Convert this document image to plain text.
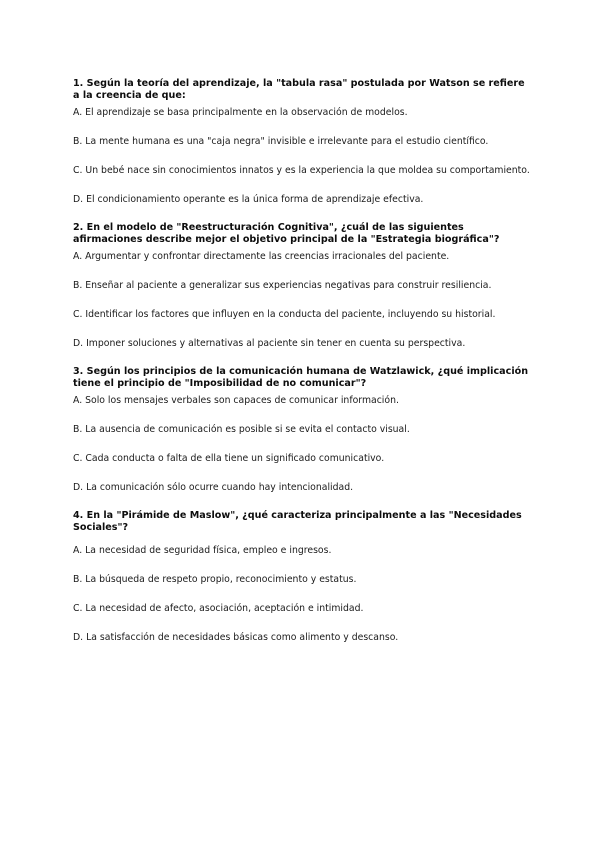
1. Según la teoría del aprendizaje, la "tabula rasa" postulada por Watson se refiere a la creencia de que:

A. El aprendizaje se basa principalmente en la observación de modelos.

B. La mente humana es una "caja negra" invisible e irrelevante para el estudio científico.

C. Un bebé nace sin conocimientos innatos y es la experiencia la que moldea su comportamiento.

D. El condicionamiento operante es la única forma de aprendizaje efectiva.

2. En el modelo de "Reestructuración Cognitiva", ¿cuál de las siguientes afirmaciones describe mejor el objetivo principal de la "Estrategia biográfica"?

A. Argumentar y confrontar directamente las creencias irracionales del paciente.

B. Enseñar al paciente a generalizar sus experiencias negativas para construir resiliencia.

C. Identificar los factores que influyen en la conducta del paciente, incluyendo su historial.

D. Imponer soluciones y alternativas al paciente sin tener en cuenta su perspectiva.

3. Según los principios de la comunicación humana de Watzlawick, ¿qué implicación tiene el principio de "Imposibilidad de no comunicar"?

A. Solo los mensajes verbales son capaces de comunicar información.

B. La ausencia de comunicación es posible si se evita el contacto visual.

C. Cada conducta o falta de ella tiene un significado comunicativo.

D. La comunicación sólo ocurre cuando hay intencionalidad.

4. En la "Pirámide de Maslow", ¿qué caracteriza principalmente a las "Necesidades Sociales"?

A. La necesidad de seguridad física, empleo e ingresos.

B. La búsqueda de respeto propio, reconocimiento y estatus.

C. La necesidad de afecto, asociación, aceptación e intimidad.

D. La satisfacción de necesidades básicas como alimento y descanso.
